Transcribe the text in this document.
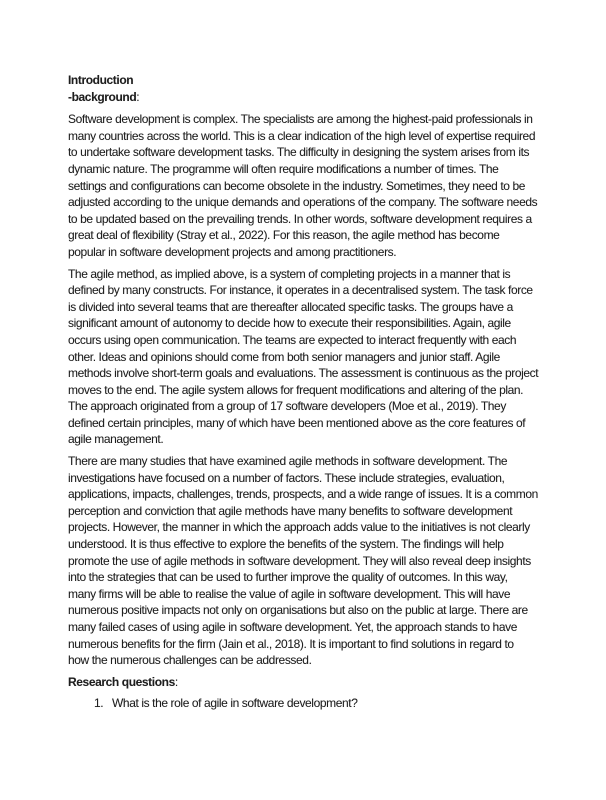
Introduction
-background:
Software development is complex. The specialists are among the highest-paid professionals in
many countries across the world. This is a clear indication of the high level of expertise required
to undertake software development tasks. The difficulty in designing the system arises from its
dynamic nature. The programme will often require modifications a number of times. The
settings and configurations can become obsolete in the industry. Sometimes, they need to be
adjusted according to the unique demands and operations of the company. The software needs
to be updated based on the prevailing trends. In other words, software development requires a
great deal of flexibility (Stray et al., 2022). For this reason, the agile method has become
popular in software development projects and among practitioners.
The agile method, as implied above, is a system of completing projects in a manner that is
defined by many constructs. For instance, it operates in a decentralised system. The task force
is divided into several teams that are thereafter allocated specific tasks. The groups have a
significant amount of autonomy to decide how to execute their responsibilities. Again, agile
occurs using open communication. The teams are expected to interact frequently with each
other. Ideas and opinions should come from both senior managers and junior staff. Agile
methods involve short-term goals and evaluations. The assessment is continuous as the project
moves to the end. The agile system allows for frequent modifications and altering of the plan.
The approach originated from a group of 17 software developers (Moe et al., 2019). They
defined certain principles, many of which have been mentioned above as the core features of
agile management.
There are many studies that have examined agile methods in software development. The
investigations have focused on a number of factors. These include strategies, evaluation,
applications, impacts, challenges, trends, prospects, and a wide range of issues. It is a common
perception and conviction that agile methods have many benefits to software development
projects. However, the manner in which the approach adds value to the initiatives is not clearly
understood. It is thus effective to explore the benefits of the system. The findings will help
promote the use of agile methods in software development. They will also reveal deep insights
into the strategies that can be used to further improve the quality of outcomes. In this way,
many firms will be able to realise the value of agile in software development. This will have
numerous positive impacts not only on organisations but also on the public at large. There are
many failed cases of using agile in software development. Yet, the approach stands to have
numerous benefits for the firm (Jain et al., 2018). It is important to find solutions in regard to
how the numerous challenges can be addressed.
Research questions:
1. What is the role of agile in software development?
